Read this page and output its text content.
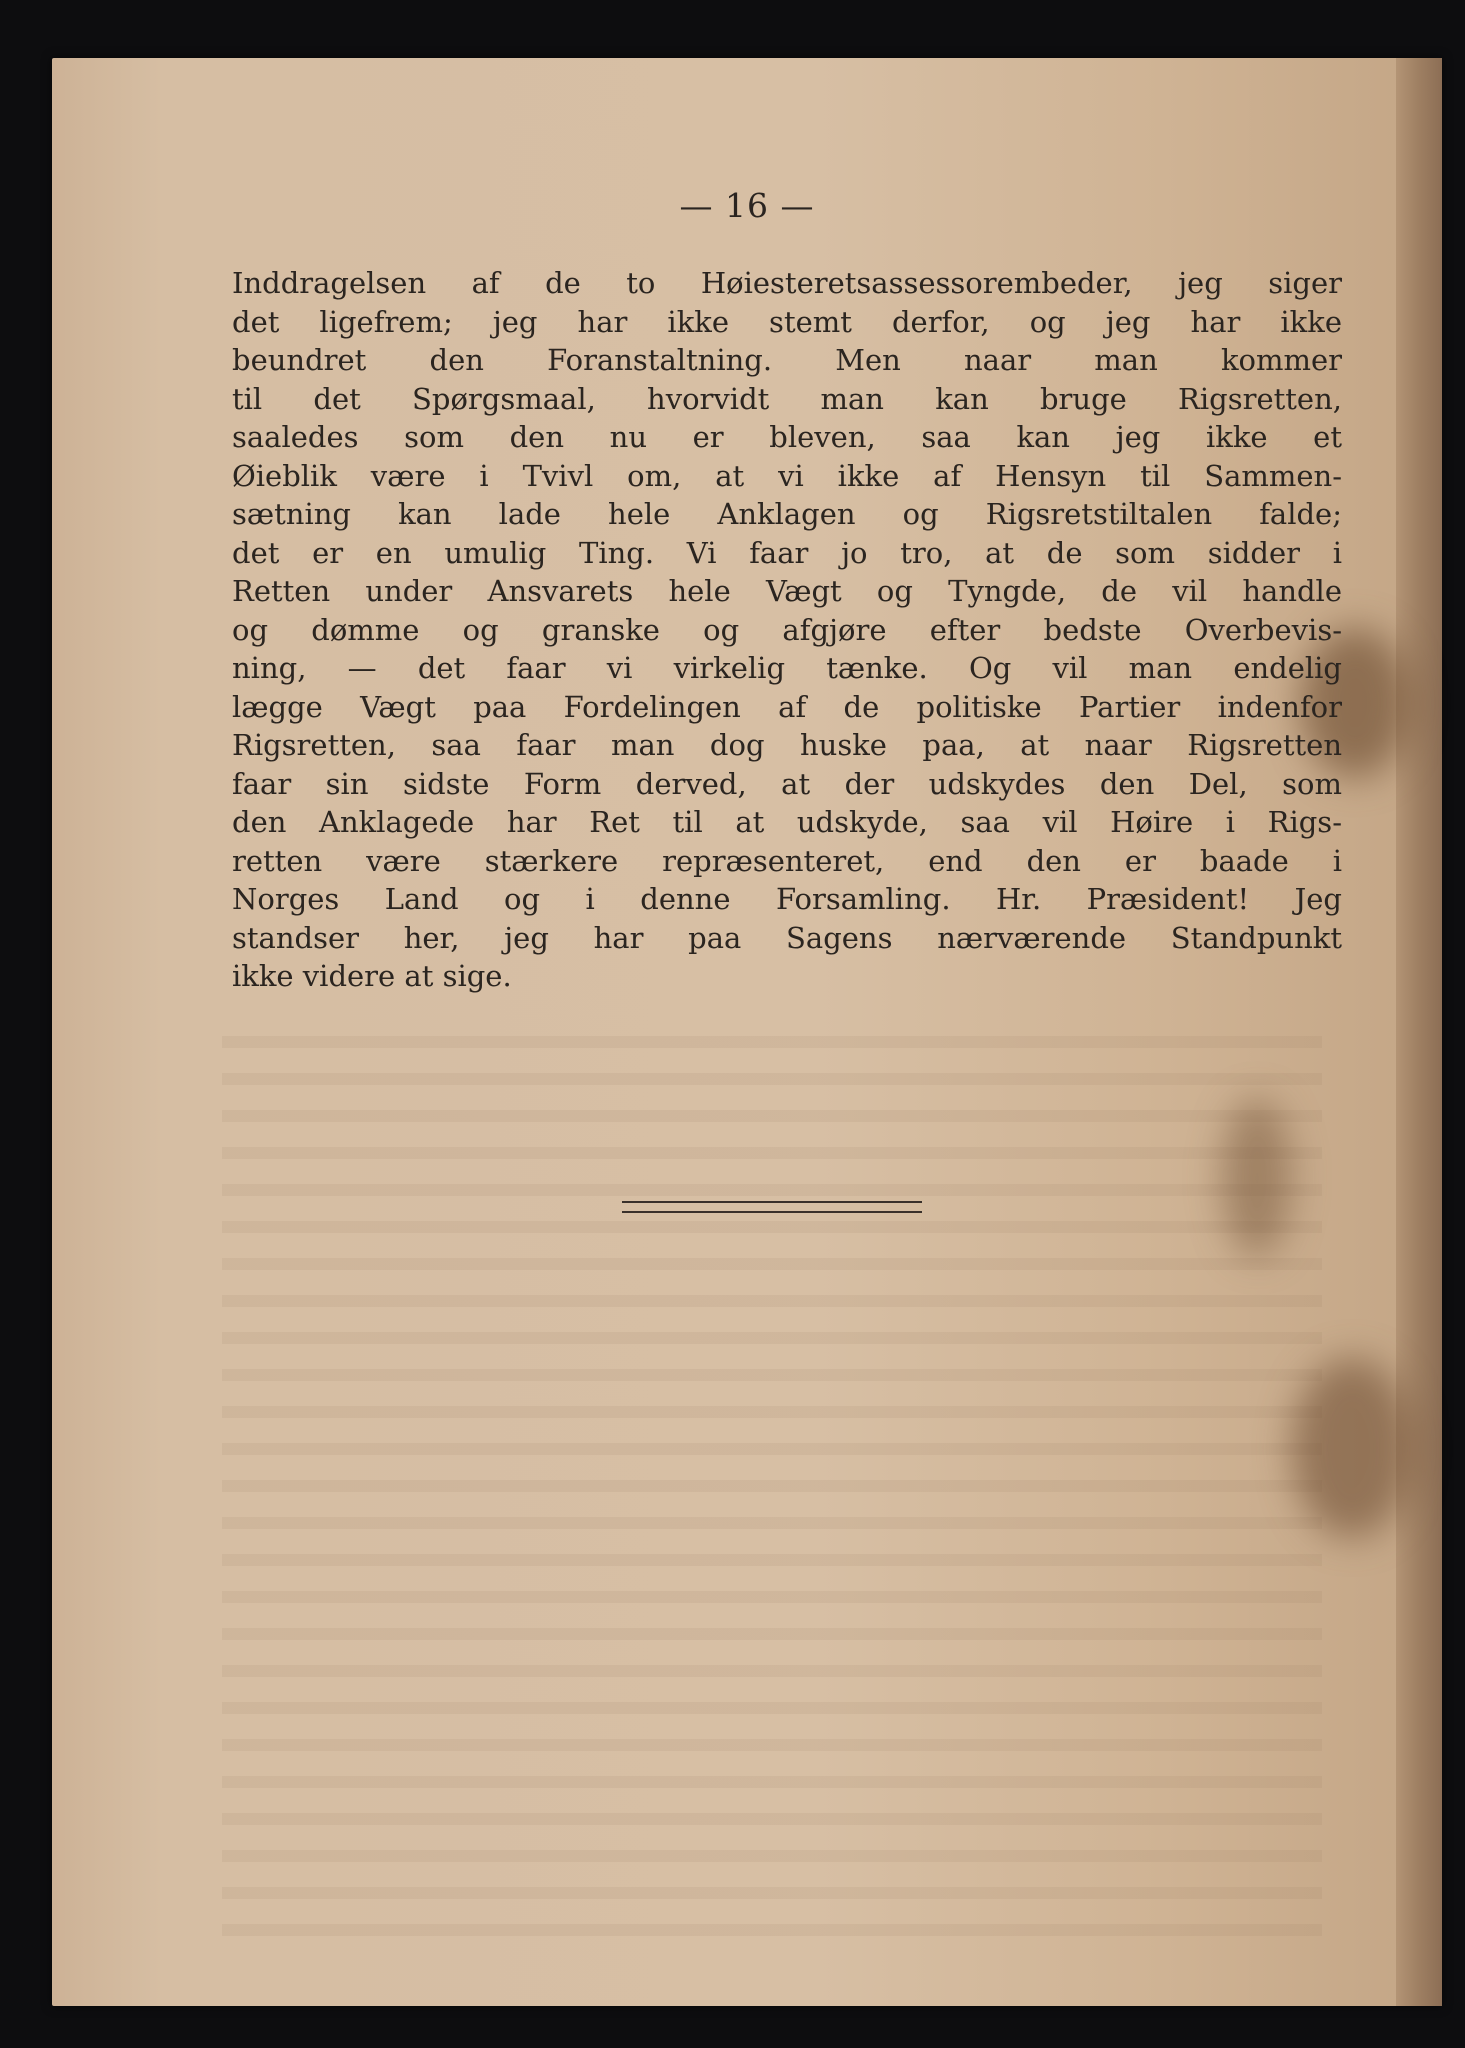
— 16 —
Inddragelsen af de to Høiesteretsassessorembeder, jeg siger
det ligefrem; jeg har ikke stemt derfor, og jeg har ikke
beundret den Foranstaltning. Men naar man kommer
til det Spørgsmaal, hvorvidt man kan bruge Rigsretten,
saaledes som den nu er bleven, saa kan jeg ikke et
Øieblik være i Tvivl om, at vi ikke af Hensyn til Sammen-
sætning kan lade hele Anklagen og Rigsretstiltalen falde;
det er en umulig Ting. Vi faar jo tro, at de som sidder i
Retten under Ansvarets hele Vægt og Tyngde, de vil handle
og dømme og granske og afgjøre efter bedste Overbevis-
ning, — det faar vi virkelig tænke. Og vil man endelig
lægge Vægt paa Fordelingen af de politiske Partier indenfor
Rigsretten, saa faar man dog huske paa, at naar Rigsretten
faar sin sidste Form derved, at der udskydes den Del, som
den Anklagede har Ret til at udskyde, saa vil Høire i Rigs-
retten være stærkere repræsenteret, end den er baade i
Norges Land og i denne Forsamling. Hr. Præsident! Jeg
standser her, jeg har paa Sagens nærværende Standpunkt
ikke videre at sige.
